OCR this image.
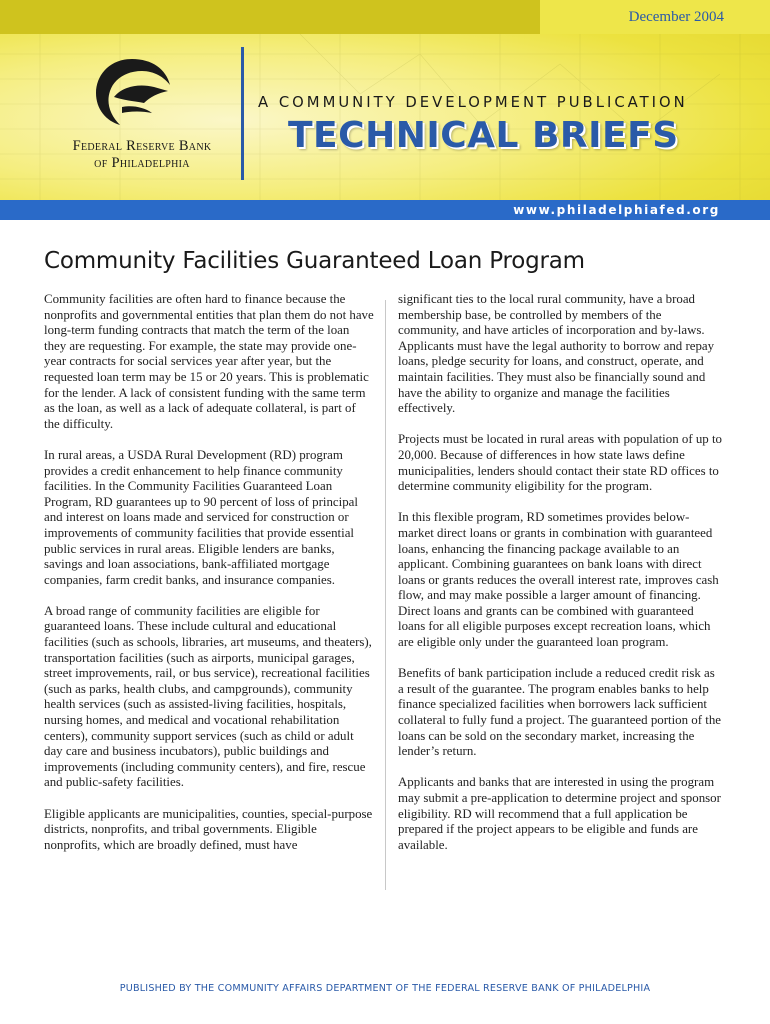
December 2004
Federal Reserve Bank
of Philadelphia
A COMMUNITY DEVELOPMENT PUBLICATION
TECHNICAL BRIEFS
www.philadelphiafed.org
Community Facilities Guaranteed Loan Program

Community facilities are often hard to finance because the nonprofits and governmental entities that plan them do not have long-term funding contracts that match the term of the loan they are requesting. For example, the state may provide one-year contracts for social services year after year, but the requested loan term may be 15 or 20 years. This is problematic for the lender. A lack of consistent funding with the same term as the loan, as well as a lack of adequate collateral, is part of the difficulty.

In rural areas, a USDA Rural Development (RD) program provides a credit enhancement to help finance community facilities. In the Community Facilities Guaranteed Loan Program, RD guarantees up to 90 percent of loss of principal and interest on loans made and serviced for construction or improvements of community facilities that provide essential public services in rural areas. Eligible lenders are banks, savings and loan associations, bank-affiliated mortgage companies, farm credit banks, and insurance companies.

A broad range of community facilities are eligible for guaranteed loans. These include cultural and educational facilities (such as schools, libraries, art museums, and theaters), transportation facilities (such as airports, municipal garages, street improvements, rail, or bus service), recreational facilities (such as parks, health clubs, and campgrounds), community health services (such as assisted-living facilities, hospitals, nursing homes, and medical and vocational rehabilitation centers), community support services (such as child or adult day care and business incubators), public buildings and improvements (including community centers), and fire, rescue and public-safety facilities.

Eligible applicants are municipalities, counties, special-purpose districts, nonprofits, and tribal governments. Eligible nonprofits, which are broadly defined, must have

significant ties to the local rural community, have a broad membership base, be controlled by members of the community, and have articles of incorporation and by-laws. Applicants must have the legal authority to borrow and repay loans, pledge security for loans, and construct, operate, and maintain facilities. They must also be financially sound and have the ability to organize and manage the facilities effectively.

Projects must be located in rural areas with population of up to 20,000. Because of differences in how state laws define municipalities, lenders should contact their state RD offices to determine community eligibility for the program.

In this flexible program, RD sometimes provides below-market direct loans or grants in combination with guaranteed loans, enhancing the financing package available to an applicant. Combining guarantees on bank loans with direct loans or grants reduces the overall interest rate, improves cash flow, and may make possible a larger amount of financing. Direct loans and grants can be combined with guaranteed loans for all eligible purposes except recreation loans, which are eligible only under the guaranteed loan program.

Benefits of bank participation include a reduced credit risk as a result of the guarantee. The program enables banks to help finance specialized facilities when borrowers lack sufficient collateral to fully fund a project. The guaranteed portion of the loans can be sold on the secondary market, increasing the lender’s return.

Applicants and banks that are interested in using the program may submit a pre-application to determine project and sponsor eligibility. RD will recommend that a full application be prepared if the project appears to be eligible and funds are available.

PUBLISHED BY THE COMMUNITY AFFAIRS DEPARTMENT OF THE FEDERAL RESERVE BANK OF PHILADELPHIA
